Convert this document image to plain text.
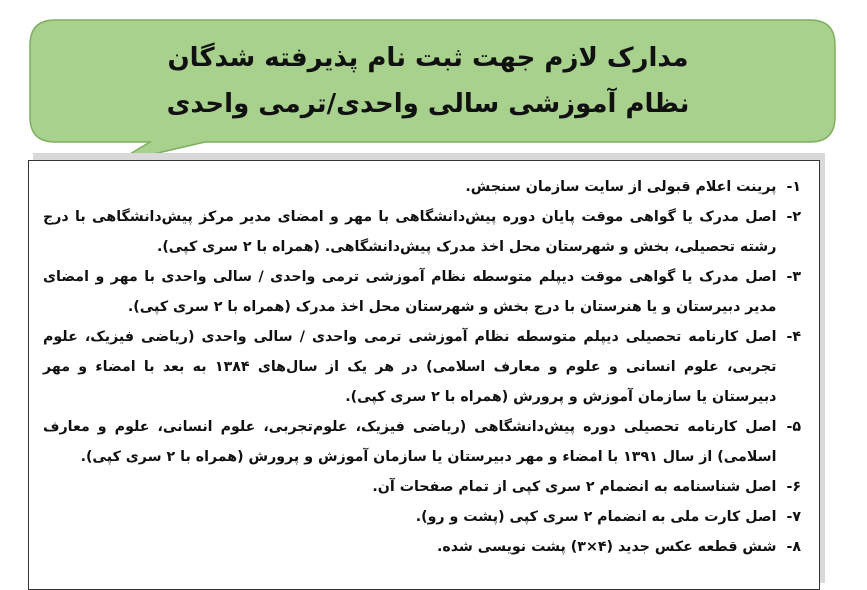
مدارک لازم جهت ثبت نام پذیرفته شدگان
نظام آموزشی سالی واحدی/ترمی واحدی
۱-
پرینت اعلام قبولی از سایت سازمان سنجش.
۲-
اصل مدرک یا گواهی موقت پایان دوره پیش‌دانشگاهی با مهر و امضای مدیر مرکز پیش‌دانشگاهی با درج رشته تحصیلی، بخش و شهرستان محل اخذ مدرک پیش‌دانشگاهی. (همراه با ۲ سری کپی).
۳-
اصل مدرک یا گواهی موقت دیپلم متوسطه نظام آموزشی ترمی واحدی / سالی واحدی با مهر و امضای مدیر دبیرستان و یا هنرستان با درج بخش و شهرستان محل اخذ مدرک (همراه با ۲ سری کپی).
۴-
اصل کارنامه تحصیلی دیپلم متوسطه نظام آموزشی ترمی واحدی / سالی واحدی (ریاضی فیزیک، علوم تجربی، علوم انسانی و علوم و معارف اسلامی) در هر یک از سال‌های ۱۳۸۴ به بعد با امضاء و مهر دبیرستان یا سازمان آموزش و پرورش (همراه با ۲ سری کپی).
۵-
اصل کارنامه تحصیلی دوره پیش‌دانشگاهی (ریاضی فیزیک، علوم‌تجربی، علوم انسانی، علوم و معارف اسلامی) از سال ۱۳۹۱ با امضاء و مهر دبیرستان یا سازمان آموزش و پرورش (همراه با ۲ سری کپی).
۶-
اصل شناسنامه به انضمام ۲ سری کپی از تمام صفحات آن.
۷-
اصل کارت ملی به انضمام ۲ سری کپی (پشت و رو).
۸-
شش قطعه عکس جدید (۴×۳) پشت نویسی شده.
